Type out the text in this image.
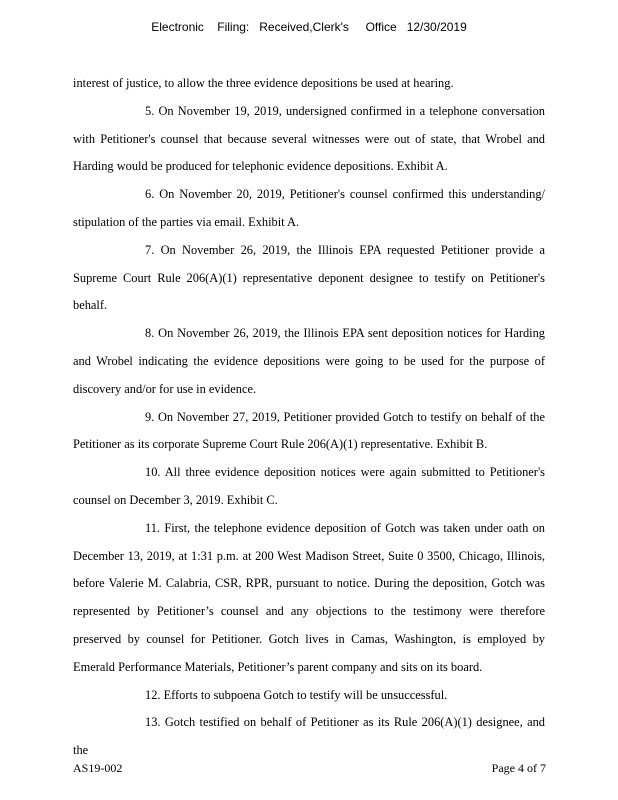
Electronic    Filing:   Received,Clerk's     Office   12/30/2019

interest of justice, to allow the three evidence depositions be used at hearing.

5. On November 19, 2019, undersigned confirmed in a telephone conversation with Petitioner's counsel that because several witnesses were out of state, that Wrobel and Harding would be produced for telephonic evidence depositions. Exhibit A.

6. On November 20, 2019, Petitioner's counsel confirmed this understanding/ stipulation of the parties via email. Exhibit A.

7. On November 26, 2019, the Illinois EPA requested Petitioner provide a Supreme Court Rule 206(A)(1) representative deponent designee to testify on Petitioner's behalf.

8. On November 26, 2019, the Illinois EPA sent deposition notices for Harding and Wrobel indicating the evidence depositions were going to be used for the purpose of discovery and/or for use in evidence.

9. On November 27, 2019, Petitioner provided Gotch to testify on behalf of the Petitioner as its corporate Supreme Court Rule 206(A)(1) representative. Exhibit B.

10. All three evidence deposition notices were again submitted to Petitioner's counsel on December 3, 2019. Exhibit C.

11. First, the telephone evidence deposition of Gotch was taken under oath on December 13, 2019, at 1:31 p.m. at 200 West Madison Street, Suite 0 3500, Chicago, Illinois, before Valerie M. Calabria, CSR, RPR, pursuant to notice. During the deposition, Gotch was represented by Petitioner’s counsel and any objections to the testimony were therefore preserved by counsel for Petitioner. Gotch lives in Camas, Washington, is employed by Emerald Performance Materials, Petitioner’s parent company and sits on its board.

12. Efforts to subpoena Gotch to testify will be unsuccessful.

13. Gotch testified on behalf of Petitioner as its Rule 206(A)(1) designee, and the

AS19-002	Page 4 of 7
